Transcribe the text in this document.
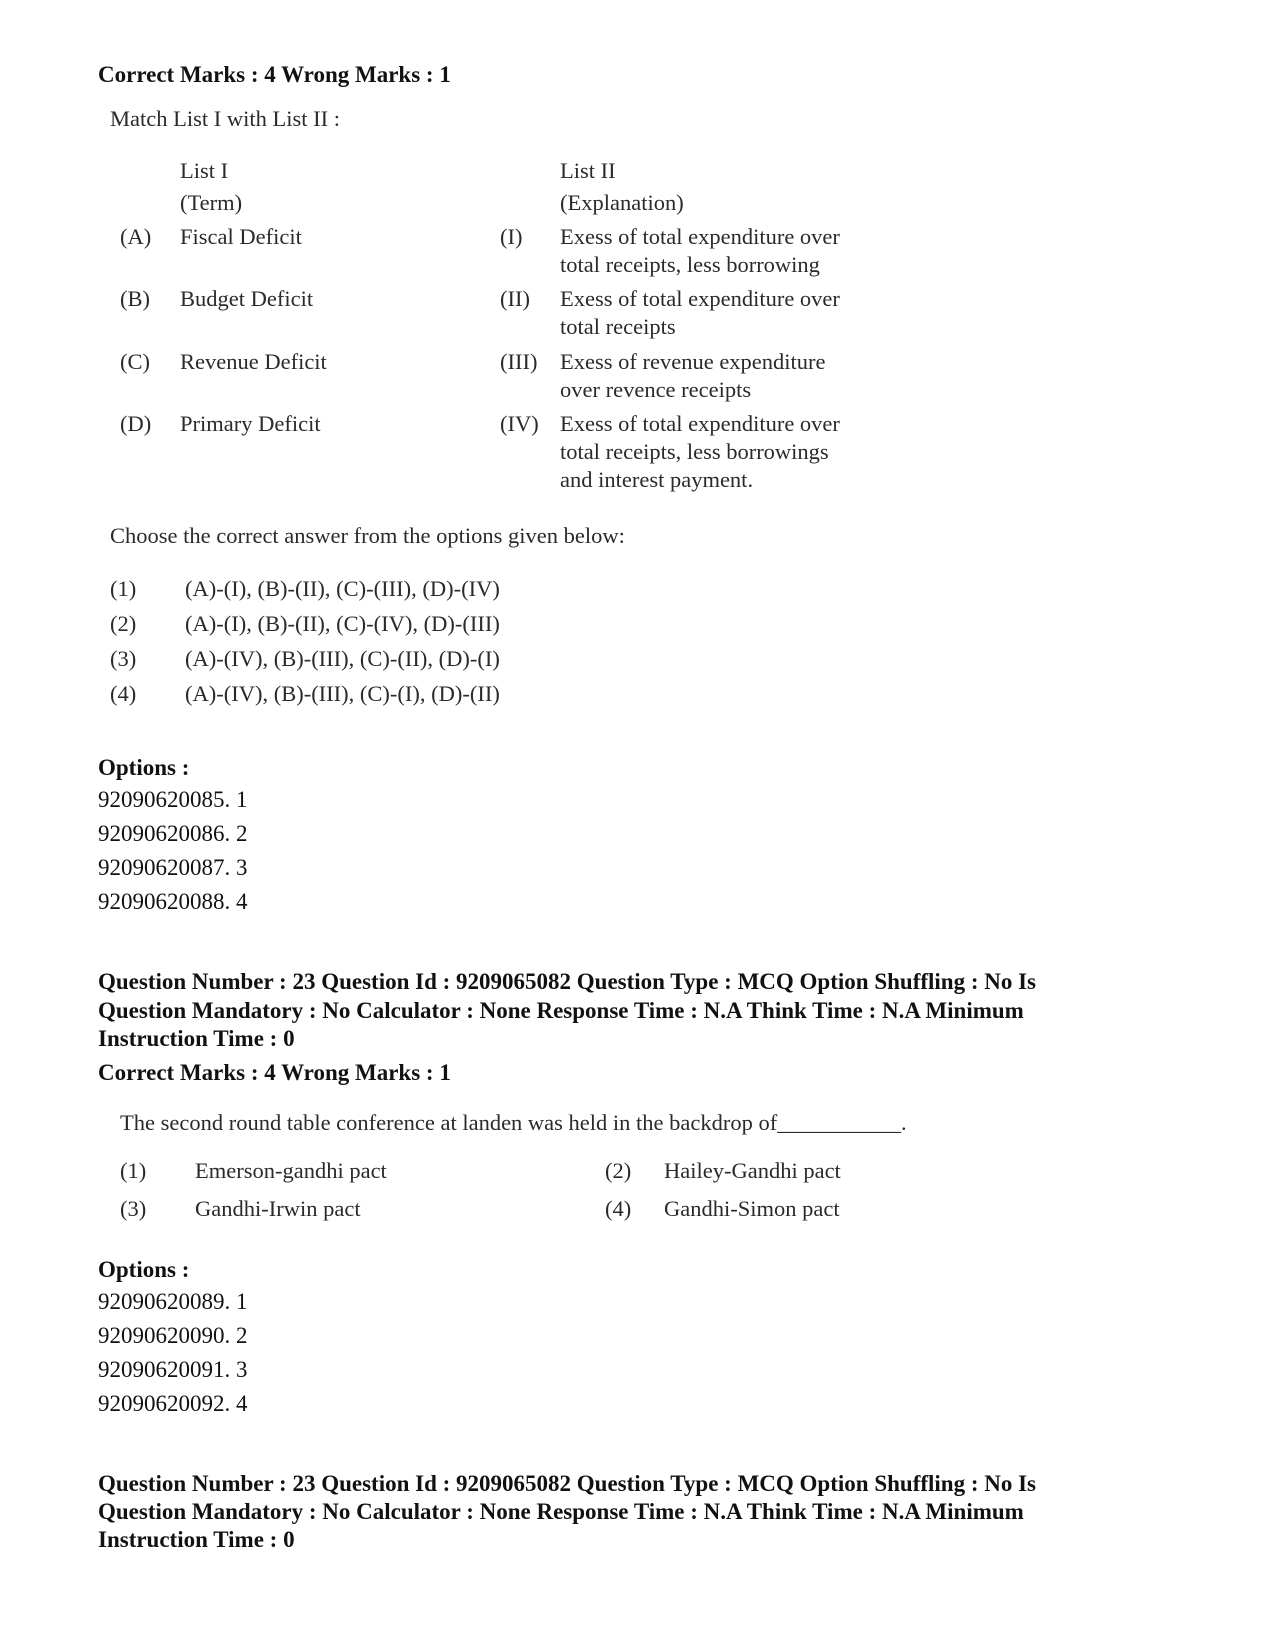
Correct Marks : 4 Wrong Marks : 1
Match List I with List II :
List I
(Term)
List II
(Explanation)
(A) Fiscal Deficit	(I) Exess of total expenditure over
total receipts, less borrowing
(B) Budget Deficit	(II) Exess of total expenditure over
total receipts
(C) Revenue Deficit	(III) Exess of revenue expenditure
over revence receipts
(D) Primary Deficit	(IV) Exess of total expenditure over
total receipts, less borrowings
and interest payment.
Choose the correct answer from the options given below:
(1) (A)-(I), (B)-(II), (C)-(III), (D)-(IV)
(2) (A)-(I), (B)-(II), (C)-(IV), (D)-(III)
(3) (A)-(IV), (B)-(III), (C)-(II), (D)-(I)
(4) (A)-(IV), (B)-(III), (C)-(I), (D)-(II)
Options :
92090620085. 1
92090620086. 2
92090620087. 3
92090620088. 4
Question Number : 23 Question Id : 9209065082 Question Type : MCQ Option Shuffling : No Is
Question Mandatory : No Calculator : None Response Time : N.A Think Time : N.A Minimum
Instruction Time : 0
Correct Marks : 4 Wrong Marks : 1
The second round table conference at landen was held in the backdrop of___________.
(1) Emerson-gandhi pact	(2) Hailey-Gandhi pact
(3) Gandhi-Irwin pact	(4) Gandhi-Simon pact
Options :
92090620089. 1
92090620090. 2
92090620091. 3
92090620092. 4
Question Number : 23 Question Id : 9209065082 Question Type : MCQ Option Shuffling : No Is
Question Mandatory : No Calculator : None Response Time : N.A Think Time : N.A Minimum
Instruction Time : 0
